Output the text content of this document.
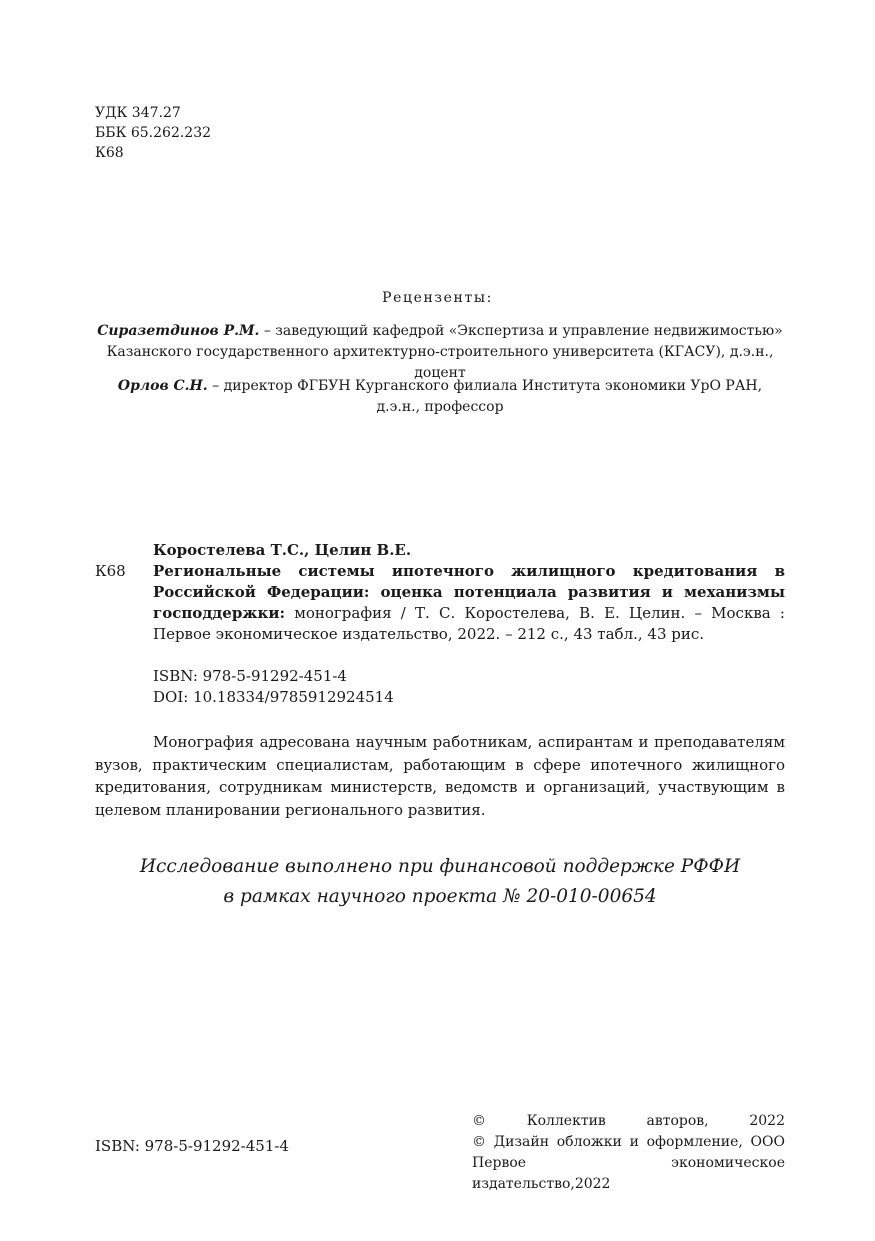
УДК 347.27
ББК 65.262.232
К68
Рецензенты:
Сиразетдинов Р.М. – заведующий кафедрой «Экспертиза и управление недвижимостью» Казанского государственного архитектурно-строительного университета (КГАСУ), д.э.н., доцент
Орлов С.Н. – директор ФГБУН Курганского филиала Института экономики УрО РАН, д.э.н., профессор
К68
Коростелева Т.С., Целин В.Е.
Региональные системы ипотечного жилищного кредитования в Российской Федерации: оценка потенциала развития и механизмы господдержки: монография / Т. С. Коростелева, В. Е. Целин. – Москва : Первое экономическое издательство, 2022. – 212 с., 43 табл., 43 рис.
ISBN: 978-5-91292-451-4
DOI: 10.18334/9785912924514
Монография адресована научным работникам, аспирантам и преподавателям вузов, практическим специалистам, работающим в сфере ипотечного жилищного кредитования, сотрудникам министерств, ведомств и организаций, участвующим в целевом планировании регионального развития.
Исследование выполнено при финансовой поддержке РФФИ
в рамках научного проекта № 20-010-00654
ISBN: 978-5-91292-451-4
© Коллектив авторов, 2022
© Дизайн обложки и оформление, ООО
Первое экономическое издательство,2022
